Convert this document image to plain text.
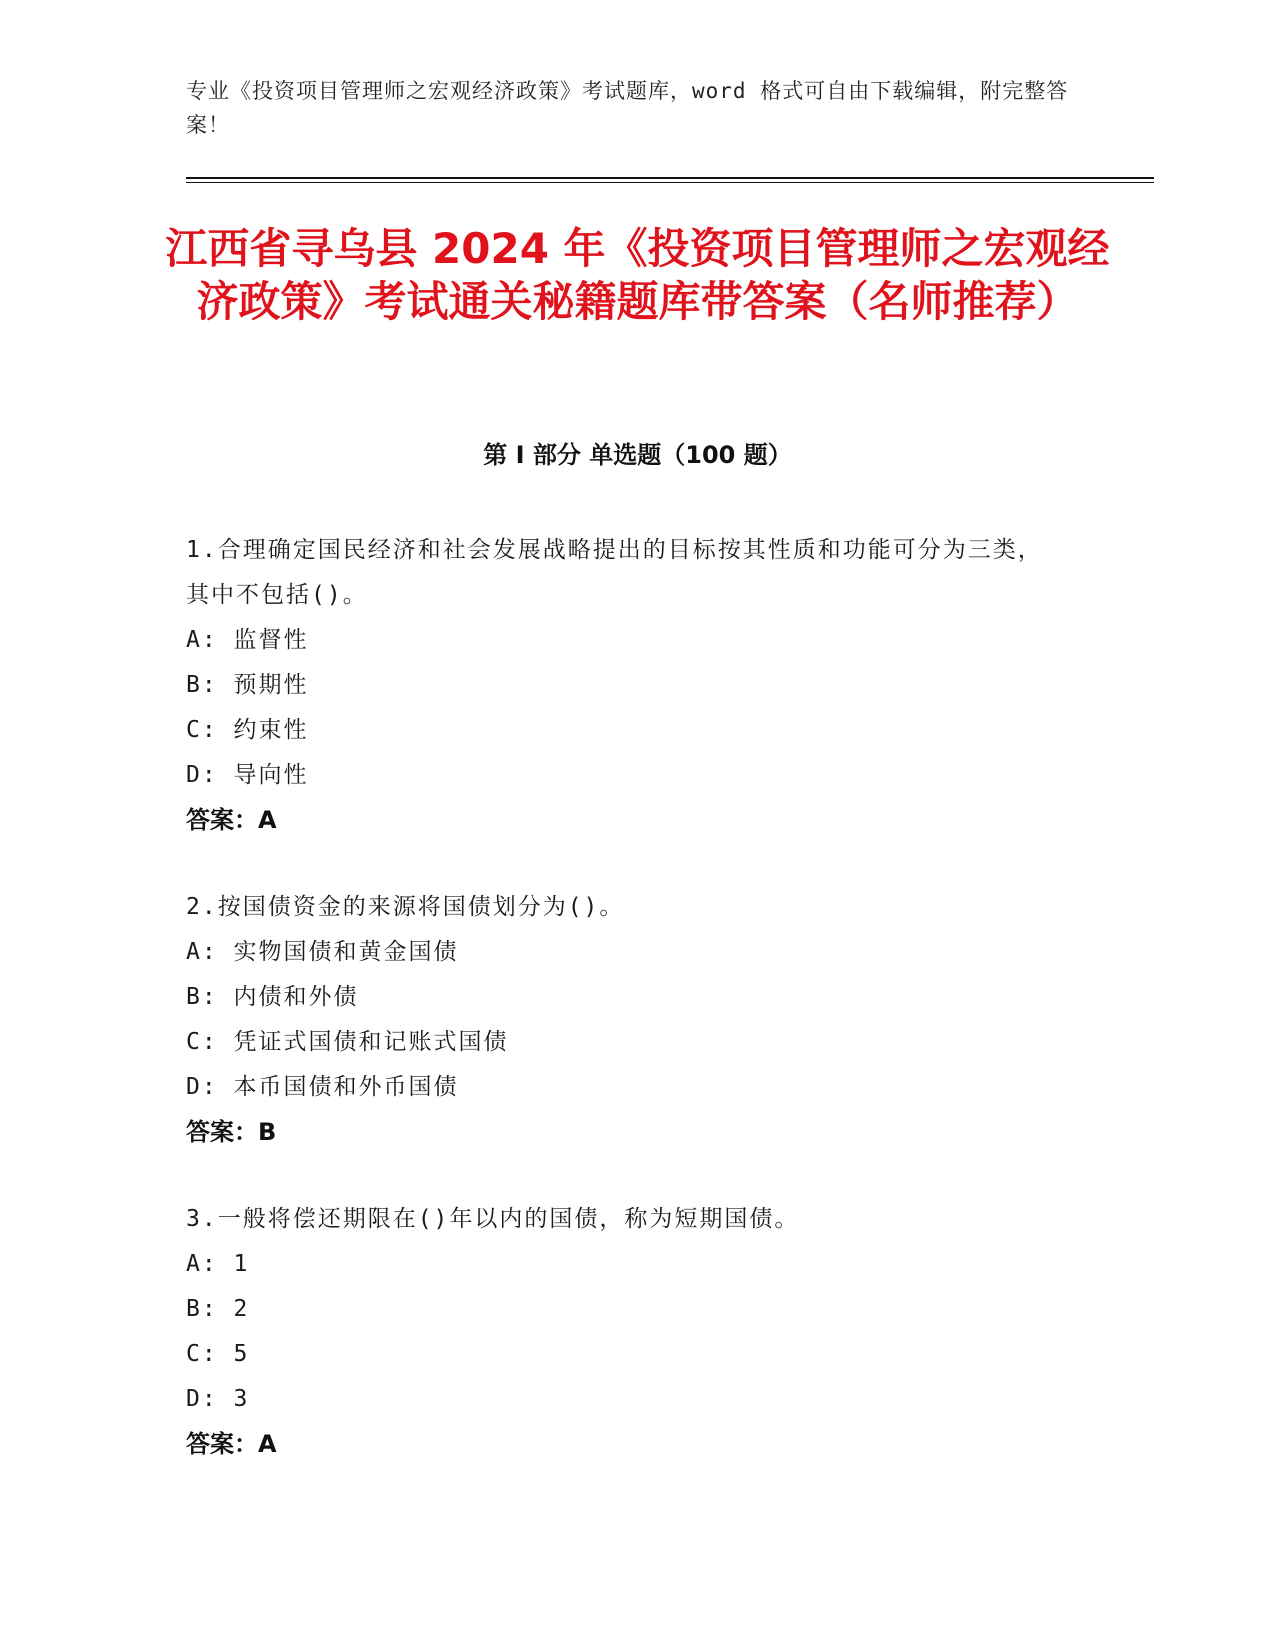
专业《投资项目管理师之宏观经济政策》考试题库，word 格式可自由下载编辑，附完整答案！
江西省寻乌县 2024 年《投资项目管理师之宏观经济政策》考试通关秘籍题库带答案（名师推荐）
第 I 部分 单选题（100 题）
1.合理确定国民经济和社会发展战略提出的目标按其性质和功能可分为三类，其中不包括()。
A: 监督性
B: 预期性
C: 约束性
D: 导向性
答案：A
2.按国债资金的来源将国债划分为()。
A: 实物国债和黄金国债
B: 内债和外债
C: 凭证式国债和记账式国债
D: 本币国债和外币国债
答案：B
3.一般将偿还期限在()年以内的国债，称为短期国债。
A: 1
B: 2
C: 5
D: 3
答案：A
